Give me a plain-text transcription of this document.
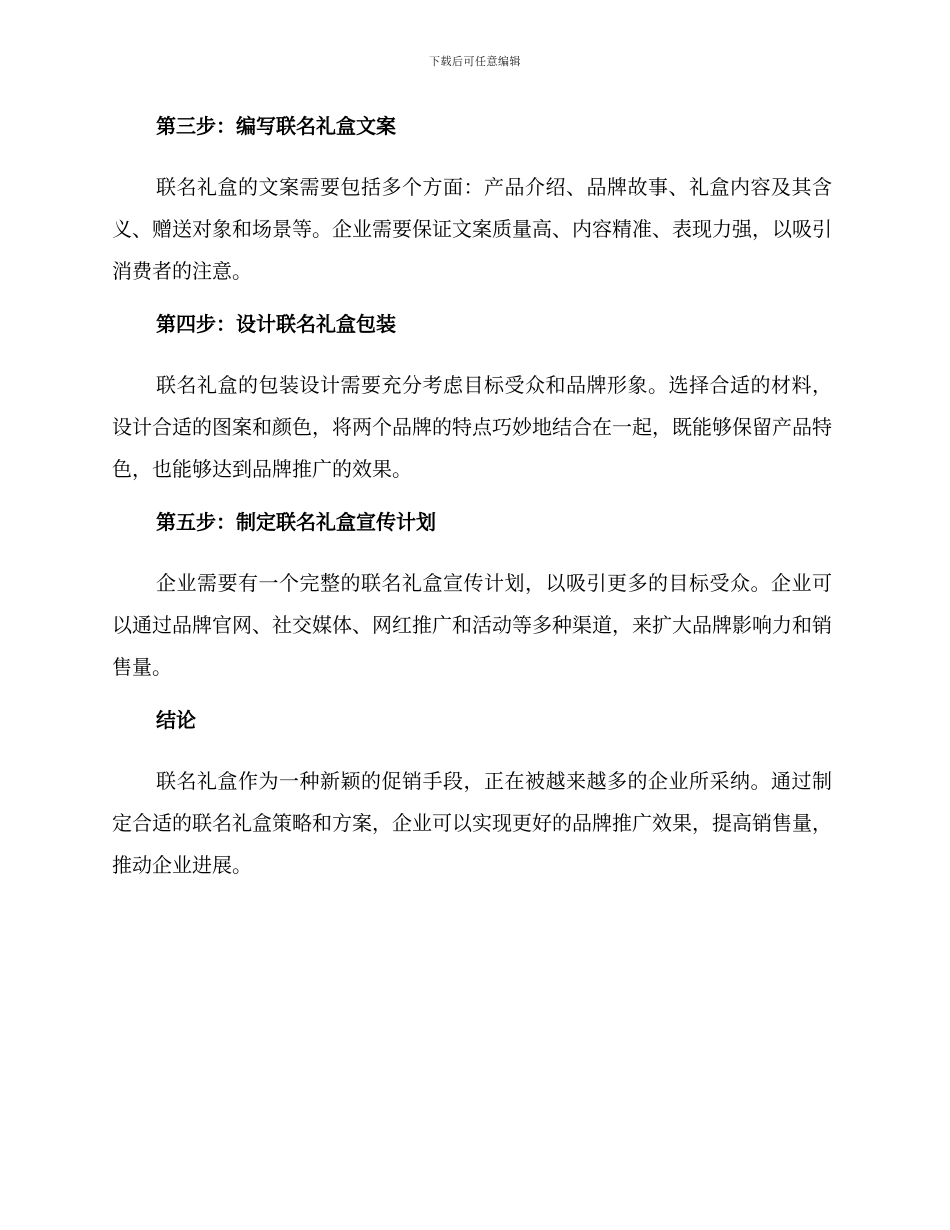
下载后可任意编辑
第三步：编写联名礼盒文案

联名礼盒的文案需要包括多个方面：产品介绍、品牌故事、礼盒内容及其含义、赠送对象和场景等。企业需要保证文案质量高、内容精准、表现力强，以吸引消费者的注意。

第四步：设计联名礼盒包装

联名礼盒的包装设计需要充分考虑目标受众和品牌形象。选择合适的材料，设计合适的图案和颜色，将两个品牌的特点巧妙地结合在一起，既能够保留产品特色，也能够达到品牌推广的效果。

第五步：制定联名礼盒宣传计划

企业需要有一个完整的联名礼盒宣传计划，以吸引更多的目标受众。企业可以通过品牌官网、社交媒体、网红推广和活动等多种渠道，来扩大品牌影响力和销售量。

结论

联名礼盒作为一种新颖的促销手段，正在被越来越多的企业所采纳。通过制定合适的联名礼盒策略和方案，企业可以实现更好的品牌推广效果，提高销售量，推动企业进展。
